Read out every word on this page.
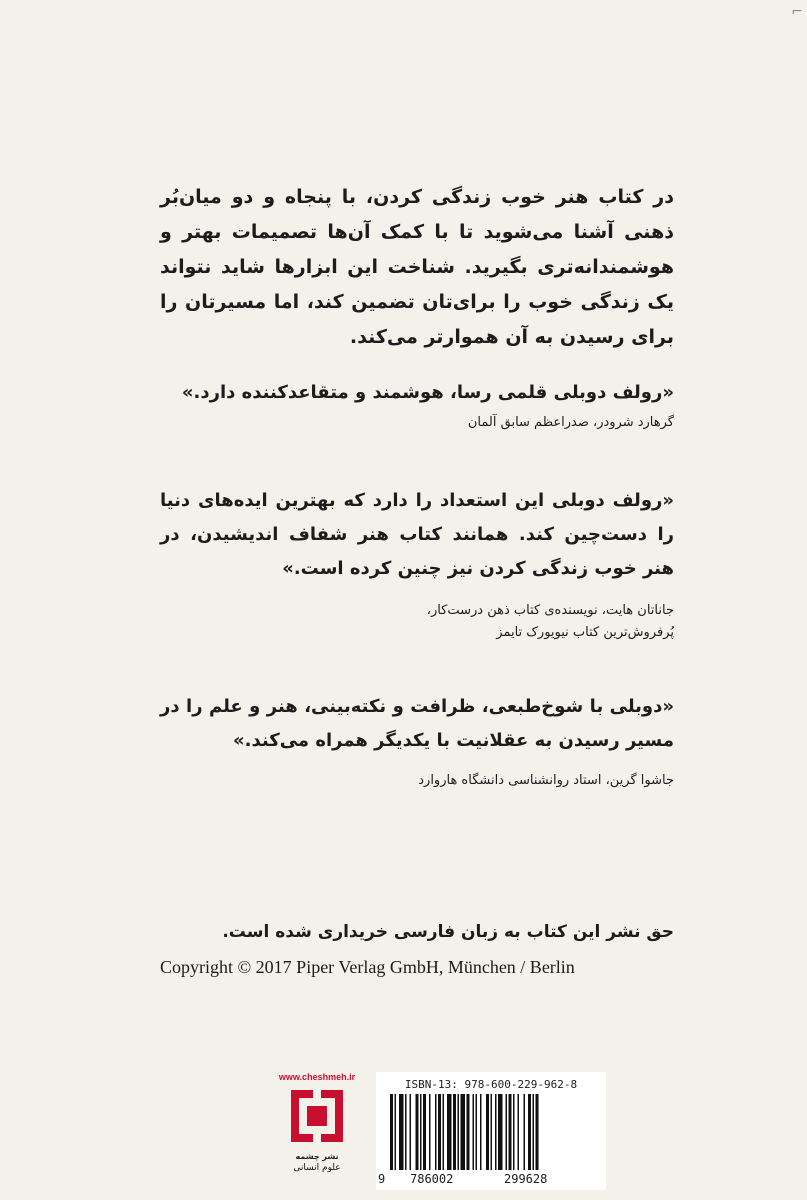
⌐
در کتاب هنر خوب زندگی کردن، با پنجاه و دو میان‌بُر ذهنی آشنا می‌شوید تا با کمک آن‌ها تصمیمات بهتر و هوشمندانه‌تری بگیرید. شناخت این ابزارها شاید نتواند یک زندگی خوب را برای‌تان تضمین کند، اما مسیرتان را برای رسیدن به آن هموارتر می‌کند.
«رولف دوبلی قلمی رسا، هوشمند و متقاعدکننده دارد.»
گرهارد شرودر، صدراعظم سابق آلمان
«رولف دوبلی این استعداد را دارد که بهترین ایده‌های دنیا را دست‌چین کند. همانند کتاب هنر شفاف اندیشیدن، در هنر خوب زندگی کردن نیز چنین کرده است.»
جاناتان هایت، نویسنده‌ی کتاب ذهن درست‌کار،
پُرفروش‌ترین کتاب نیویورک تایمز
«دوبلی با شوخ‌طبعی، ظرافت و نکته‌بینی، هنر و علم را در مسیر رسیدن به عقلانیت با یکدیگر همراه می‌کند.»
جاشوا گرین، استاد روانشناسی دانشگاه هاروارد
حق نشر این کتاب به زبان فارسی خریداری شده است.
Copyright © 2017 Piper Verlag GmbH, München / Berlin
www.cheshmeh.ir
نشر چشمه
علوم انسانی
ISBN-13: 978-600-229-962-8
9 786002	299628
